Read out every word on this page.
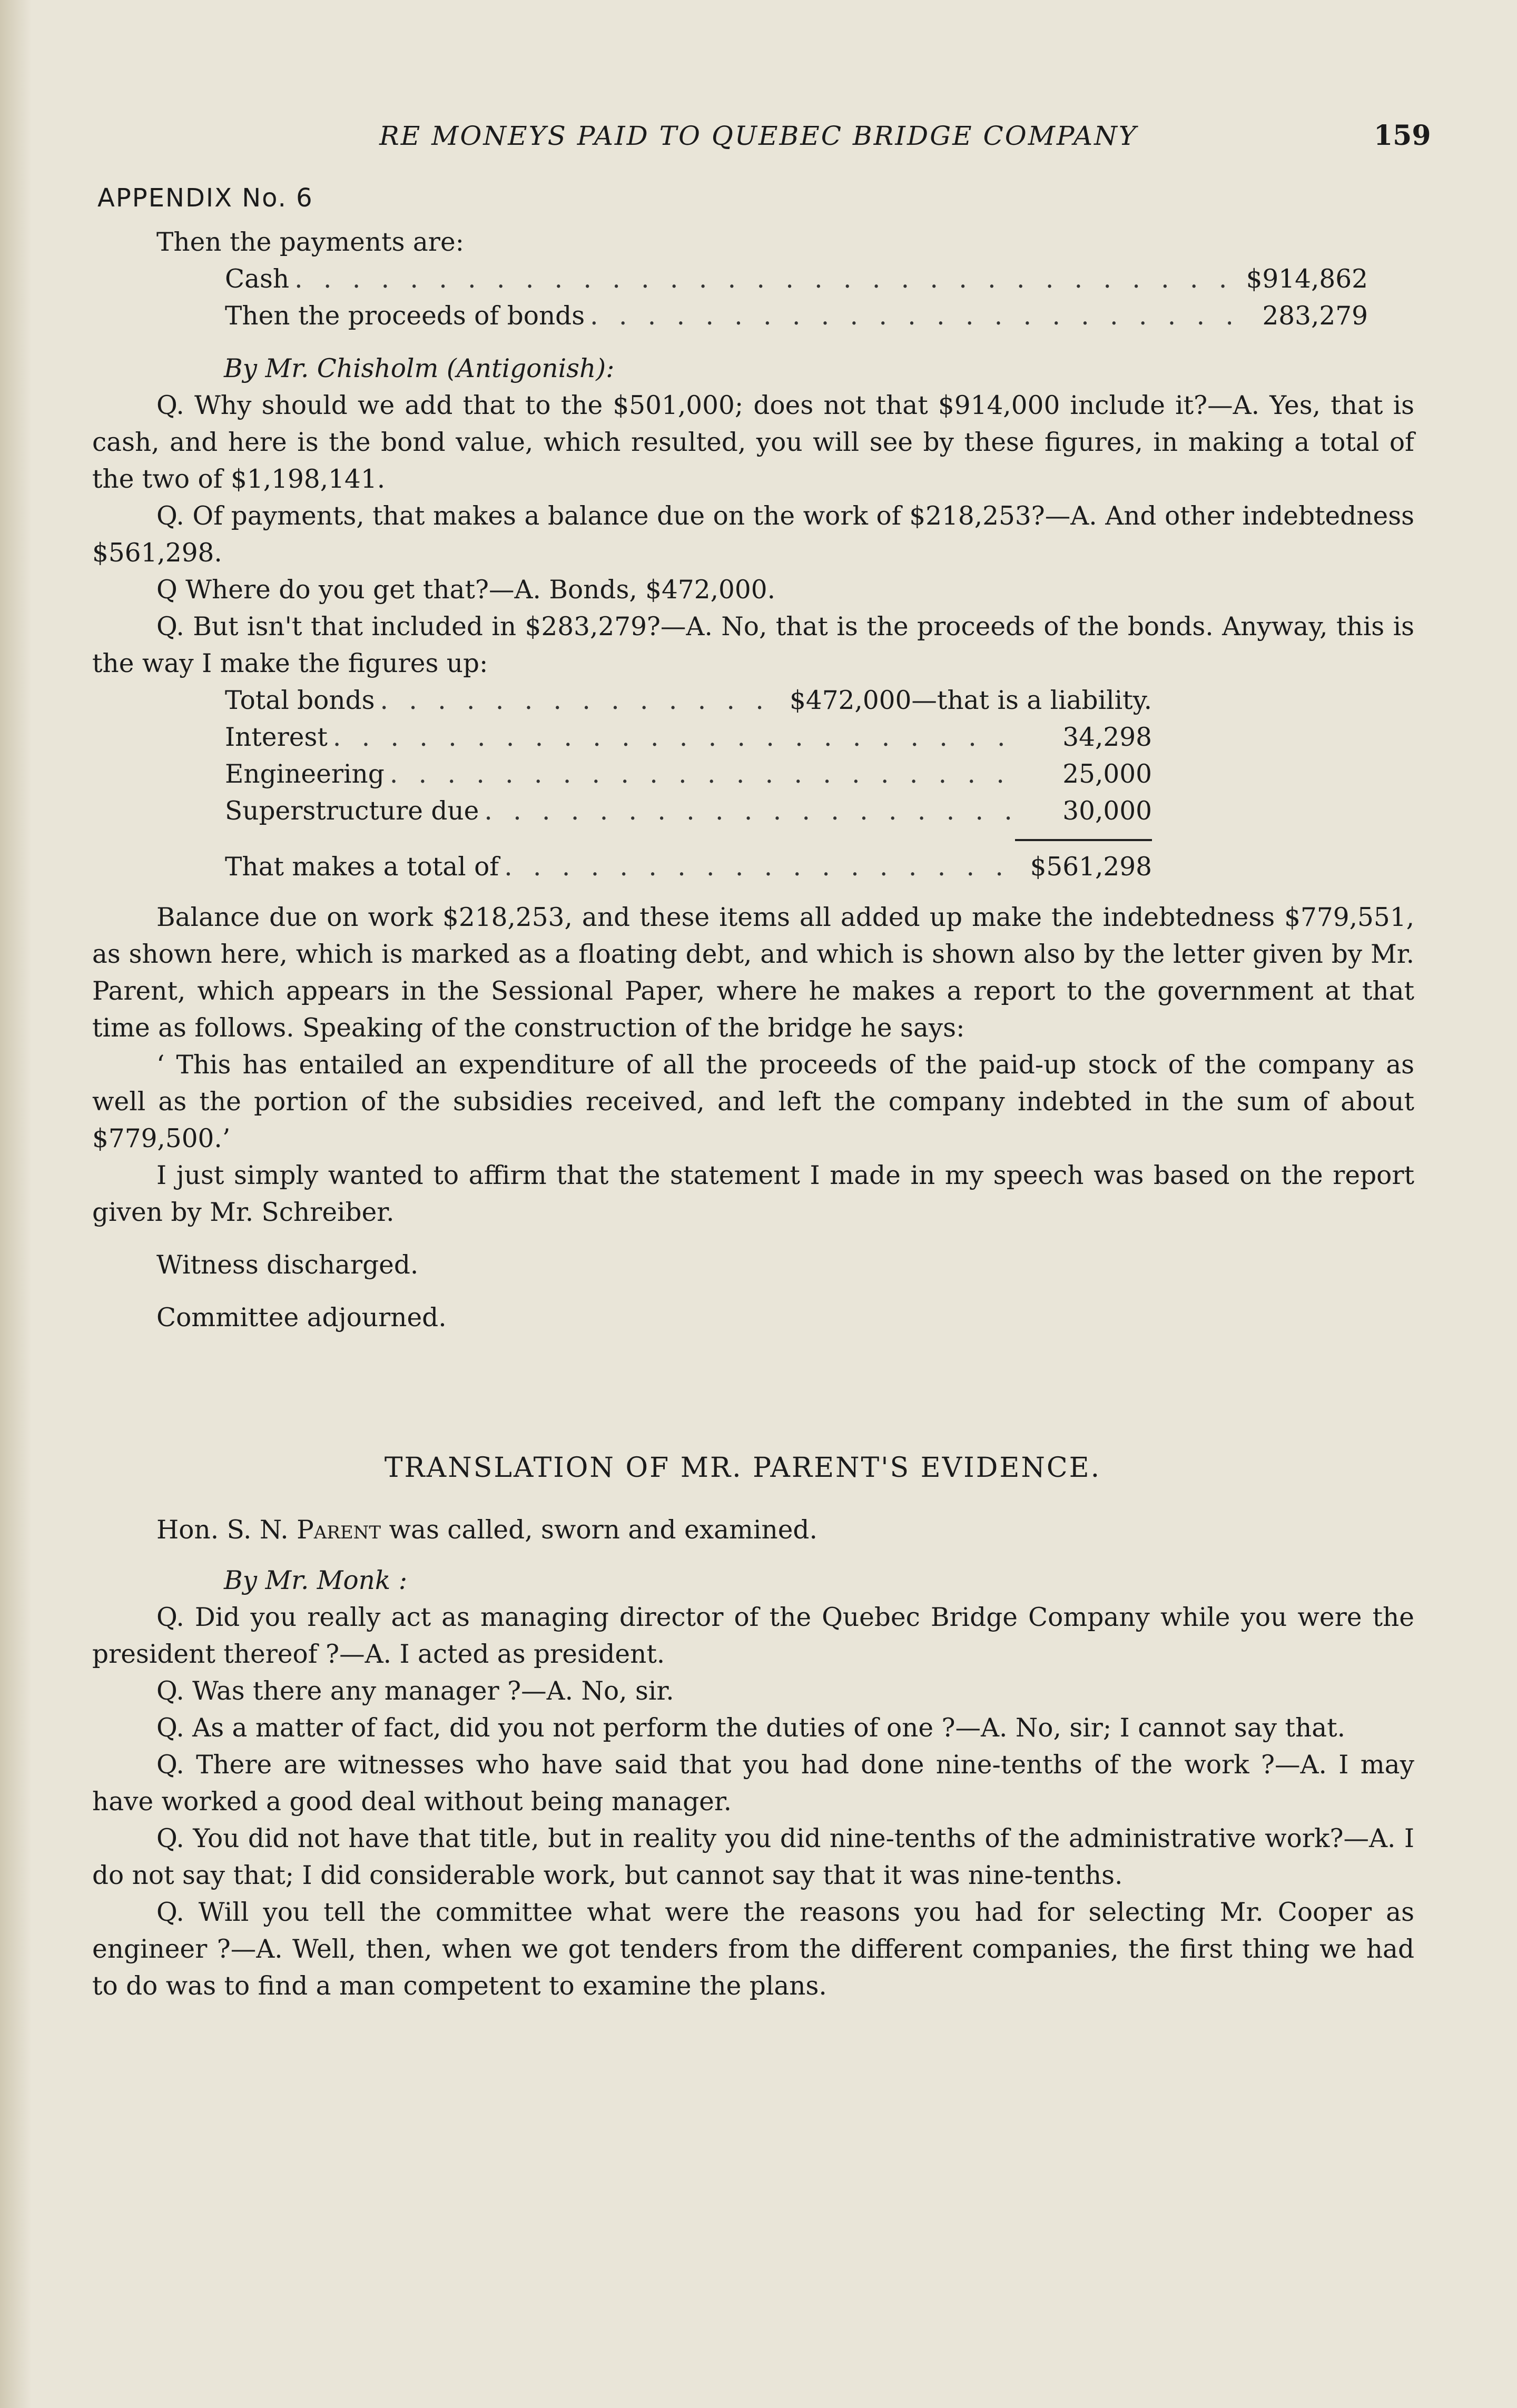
RE MONEYS PAID TO QUEBEC BRIDGE COMPANY	159
APPENDIX No. 6

Then the payments are:

Cash . . .	$914,862
Then the proceeds of bonds . . .	283,279

By Mr. Chisholm (Antigonish):

Q. Why should we add that to the $501,000; does not that $914,000 include it?—A. Yes, that is cash, and here is the bond value, which resulted, you will see by these figures, in making a total of the two of $1,198,141.

Q. Of payments, that makes a balance due on the work of $218,253?—A. And other indebtedness $561,298.

Q Where do you get that?—A. Bonds, $472,000.

Q. But isn't that included in $283,279?—A. No, that is the proceeds of the bonds. Anyway, this is the way I make the figures up:

Total bonds . . .	$472,000 —that is a liability.
Interest . . .	34,298
Engineering . . .	25,000
Superstructure due . . .	30,000
That makes a total of . . .	$561,298

Balance due on work $218,253, and these items all added up make the indebtedness $779,551, as shown here, which is marked as a floating debt, and which is shown also by the letter given by Mr. Parent, which appears in the Sessional Paper, where he makes a report to the government at that time as follows. Speaking of the construction of the bridge he says:

‘ This has entailed an expenditure of all the proceeds of the paid-up stock of the company as well as the portion of the subsidies received, and left the company indebted in the sum of about $779,500.’

I just simply wanted to affirm that the statement I made in my speech was based on the report given by Mr. Schreiber.

Witness discharged.

Committee adjourned.

TRANSLATION OF MR. PARENT'S EVIDENCE.

Hon. S. N. Parent was called, sworn and examined.

By Mr. Monk :

Q. Did you really act as managing director of the Quebec Bridge Company while you were the president thereof ?—A. I acted as president.

Q. Was there any manager ?—A. No, sir.

Q. As a matter of fact, did you not perform the duties of one ?—A. No, sir; I cannot say that.

Q. There are witnesses who have said that you had done nine-tenths of the work ?—A. I may have worked a good deal without being manager.

Q. You did not have that title, but in reality you did nine-tenths of the administrative work?—A. I do not say that; I did considerable work, but cannot say that it was nine-tenths.

Q. Will you tell the committee what were the reasons you had for selecting Mr. Cooper as engineer ?—A. Well, then, when we got tenders from the different companies, the first thing we had to do was to find a man competent to examine the plans.
